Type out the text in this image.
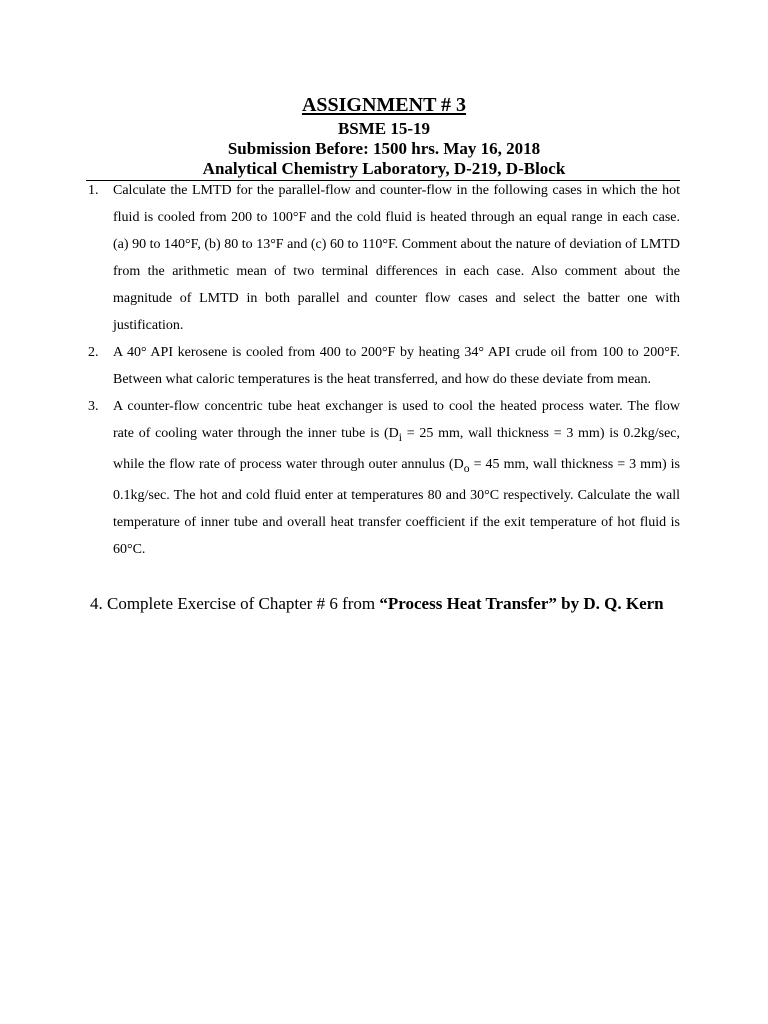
ASSIGNMENT # 3
BSME 15-19
Submission Before: 1500 hrs. May 16, 2018
Analytical Chemistry Laboratory, D-219, D-Block
1. Calculate the LMTD for the parallel-flow and counter-flow in the following cases in which the hot fluid is cooled from 200 to 100°F and the cold fluid is heated through an equal range in each case. (a) 90 to 140°F, (b) 80 to 13°F and (c) 60 to 110°F. Comment about the nature of deviation of LMTD from the arithmetic mean of two terminal differences in each case. Also comment about the magnitude of LMTD in both parallel and counter flow cases and select the batter one with justification.
2. A 40° API kerosene is cooled from 400 to 200°F by heating 34° API crude oil from 100 to 200°F. Between what caloric temperatures is the heat transferred, and how do these deviate from mean.
3. A counter-flow concentric tube heat exchanger is used to cool the heated process water. The flow rate of cooling water through the inner tube is ($D_i = 25$ mm, wall thickness = 3 mm) is 0.2kg/sec, while the flow rate of process water through outer annulus ($D_o = 45$ mm, wall thickness = 3 mm) is 0.1kg/sec. The hot and cold fluid enter at temperatures 80 and 30°C respectively. Calculate the wall temperature of inner tube and overall heat transfer coefficient if the exit temperature of hot fluid is 60°C.
4. Complete Exercise of Chapter # 6 from “Process Heat Transfer” by D. Q. Kern
